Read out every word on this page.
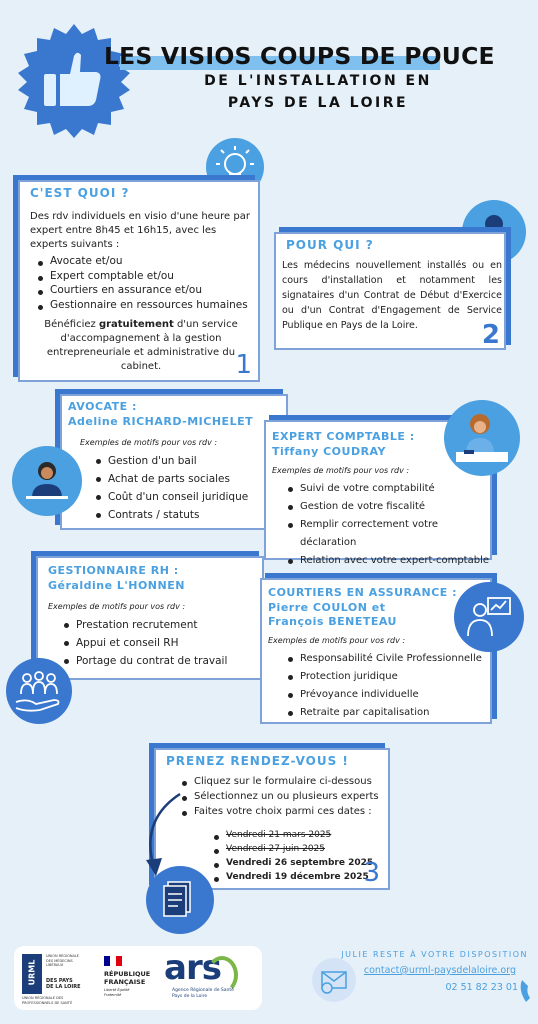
LES VISIOS COUPS DE POUCE
DE L'INSTALLATION EN
PAYS DE LA LOIRE
C'EST QUOI ?
Des rdv individuels en visio d'une heure par expert entre 8h45 et 16h15, avec les experts suivants :
Avocate et/ou
Expert comptable et/ou
Courtiers en assurance et/ou
Gestionnaire en ressources humaines
Bénéficiez gratuitement d'un service d'accompagnement à la gestion entrepreneuriale et administrative du cabinet.	1
POUR QUI ?
Les médecins nouvellement installés ou en cours d'installation et notamment les signataires d'un Contrat de Début d'Exercice ou d'un Contrat d'Engagement de Service Publique en Pays de la Loire.	2
AVOCATE :
Adeline RICHARD-MICHELET
Exemples de motifs pour vos rdv :
Gestion d'un bail
Achat de parts sociales
Coût d'un conseil juridique
Contrats / statuts
EXPERT COMPTABLE :
Tiffany COUDRAY
Exemples de motifs pour vos rdv :
Suivi de votre comptabilité
Gestion de votre fiscalité
Remplir correctement votre déclaration
Relation avec votre expert-comptable
GESTIONNAIRE RH :
Géraldine L'HONNEN
Exemples de motifs pour vos rdv :
Prestation recrutement
Appui et conseil RH
Portage du contrat de travail
COURTIERS EN ASSURANCE :
Pierre COULON et
François BENETEAU
Exemples de motifs pour vos rdv :
Responsabilité Civile Professionnelle
Protection juridique
Prévoyance individuelle
Retraite par capitalisation
PRENEZ RENDEZ-VOUS !
Cliquez sur le formulaire ci-dessous
Sélectionnez un ou plusieurs experts
Faites votre choix parmi ces dates :
Vendredi 21 mars 2025
Vendredi 27 juin 2025
Vendredi 26 septembre 2025
Vendredi 19 décembre 2025
3
URML
UNION RÉGIONALE DES MÉDECINS LIBÉRAUX
DES PAYS
DE LA LOIRE
UNION RÉGIONALE DES PROFESSIONNELS DE SANTÉ
RÉPUBLIQUE
FRANÇAISE
Liberté Égalité Fraternité
ars
Agence Régionale de Santé
Pays de la Loire
JULIE RESTE À VOTRE DISPOSITION
contact@urml-paysdelaloire.org
02 51 82 23 01
